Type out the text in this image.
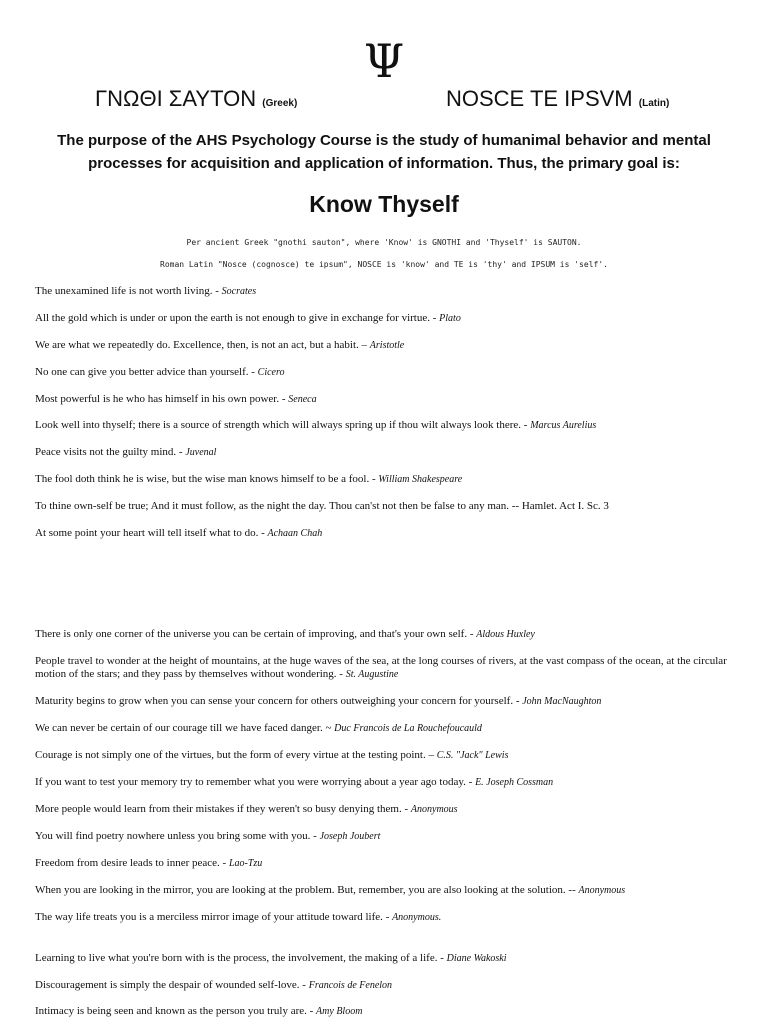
Ψ
ΓΝΩΘΙ ΣΑΥΤΟΝ (Greek)	NOSCE TE IPSVM (Latin)
The purpose of the AHS Psychology Course is the study of humanimal behavior and mental processes for acquisition and application of information. Thus, the primary goal is:
Know Thyself
Per ancient Greek "gnothi sauton", where 'Know' is GNOTHI and 'Thyself' is SAUTON.
Roman Latin "Nosce (cognosce) te ipsum", NOSCE is 'know' and TE is 'thy' and IPSUM is 'self'.
The unexamined life is not worth living. - Socrates
All the gold which is under or upon the earth is not enough to give in exchange for virtue. - Plato
We are what we repeatedly do. Excellence, then, is not an act, but a habit. – Aristotle
No one can give you better advice than yourself. - Cicero
Most powerful is he who has himself in his own power. - Seneca
Look well into thyself; there is a source of strength which will always spring up if thou wilt always look there. - Marcus Aurelius
Peace visits not the guilty mind. - Juvenal
The fool doth think he is wise, but the wise man knows himself to be a fool. - William Shakespeare
To thine own-self be true; And it must follow, as the night the day. Thou can'st not then be false to any man. -- Hamlet. Act I. Sc. 3
At some point your heart will tell itself what to do. - Achaan Chah
There is only one corner of the universe you can be certain of improving, and that's your own self. - Aldous Huxley
People travel to wonder at the height of mountains, at the huge waves of the sea, at the long courses of rivers, at the vast compass of the ocean, at the circular motion of the stars; and they pass by themselves without wondering. - St. Augustine
Maturity begins to grow when you can sense your concern for others outweighing your concern for yourself. - John MacNaughton
We can never be certain of our courage till we have faced danger. ~ Duc Francois de La Rouchefoucauld
Courage is not simply one of the virtues, but the form of every virtue at the testing point. – C.S. "Jack" Lewis
If you want to test your memory try to remember what you were worrying about a year ago today. - E. Joseph Cossman
More people would learn from their mistakes if they weren't so busy denying them. - Anonymous
You will find poetry nowhere unless you bring some with you. - Joseph Joubert
Freedom from desire leads to inner peace. - Lao-Tzu
When you are looking in the mirror, you are looking at the problem. But, remember, you are also looking at the solution. -- Anonymous
The way life treats you is a merciless mirror image of your attitude toward life. - Anonymous.
Learning to live what you're born with is the process, the involvement, the making of a life. - Diane Wakoski
Discouragement is simply the despair of wounded self-love. - Francois de Fenelon
Intimacy is being seen and known as the person you truly are. - Amy Bloom
